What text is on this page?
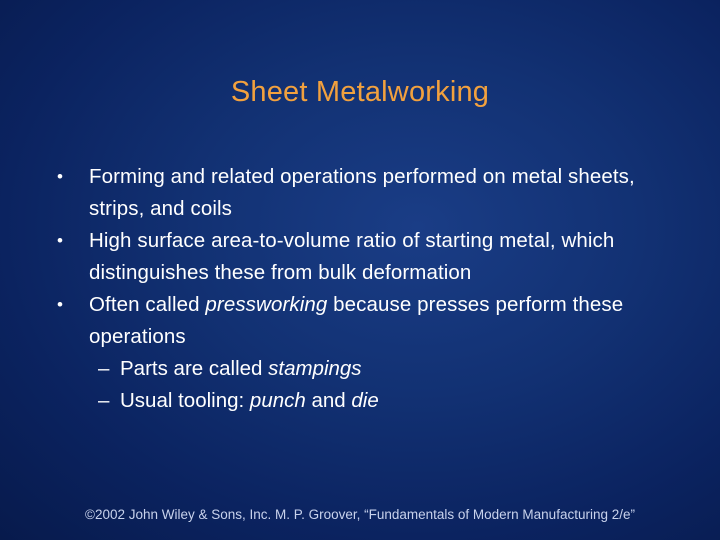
Sheet Metalworking
• Forming and related operations performed on metal sheets, strips, and coils
• High surface area‑to‑volume ratio of starting metal, which distinguishes these from bulk deformation
• Often called pressworking because presses perform these operations
– Parts are called stampings
– Usual tooling: punch and die
©2002 John Wiley & Sons, Inc. M. P. Groover, “Fundamentals of Modern Manufacturing 2/e”
